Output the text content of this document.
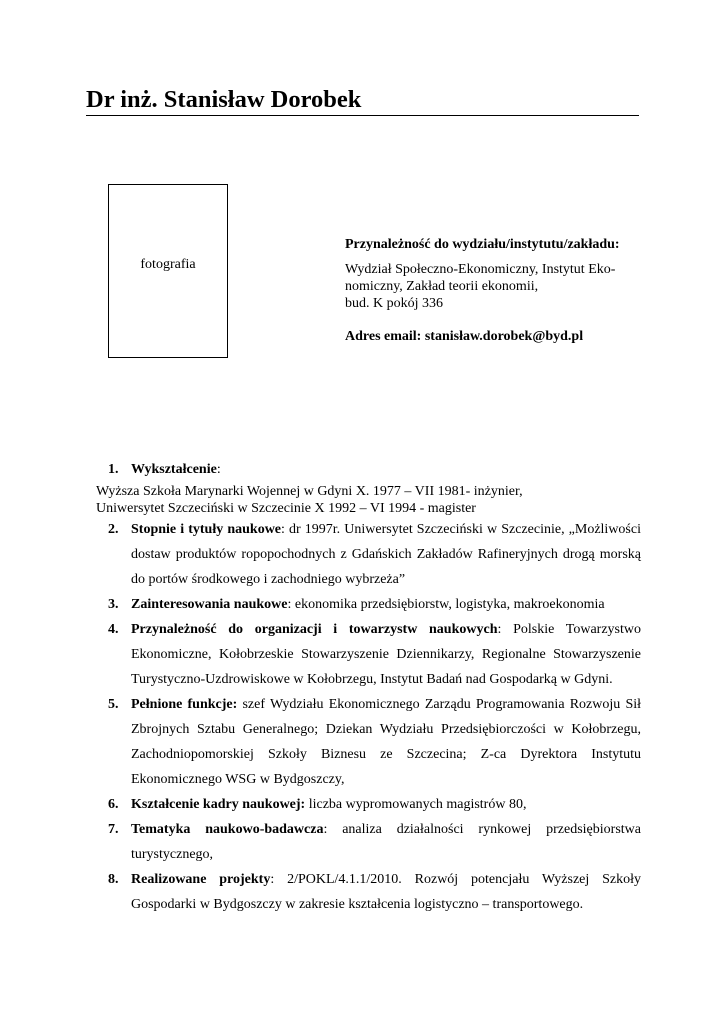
Dr inż. Stanisław Dorobek
fotografia
Przynależność do wydziału/instytutu/zakładu:
Wydział Społeczno-Ekonomiczny, Instytut Eko-
nomiczny, Zakład teorii ekonomii,
bud. K pokój 336
Adres email: stanisław.dorobek@byd.pl
1. Wykształcenie:
Wyższa Szkoła Marynarki Wojennej w Gdyni X. 1977 – VII 1981- inżynier,
Uniwersytet Szczeciński w Szczecinie X 1992 – VI 1994 - magister
2. Stopnie i tytuły naukowe: dr 1997r. Uniwersytet Szczeciński w Szczecinie, „Możliwości dostaw produktów ropopochodnych z Gdańskich Zakładów Rafineryjnych drogą morską do portów środkowego i zachodniego wybrzeża”
3. Zainteresowania naukowe: ekonomika przedsiębiorstw, logistyka, makroekonomia
4. Przynależność do organizacji i towarzystw naukowych: Polskie Towarzystwo Ekonomiczne, Kołobrzeskie Stowarzyszenie Dziennikarzy, Regionalne Stowarzyszenie Turystyczno-Uzdrowiskowe w Kołobrzegu, Instytut Badań nad Gospodarką w Gdyni.
5. Pełnione funkcje: szef Wydziału Ekonomicznego Zarządu Programowania Rozwoju Sił Zbrojnych Sztabu Generalnego; Dziekan Wydziału Przedsiębiorczości w Kołobrzegu, Zachodniopomorskiej Szkoły Biznesu ze Szczecina; Z-ca Dyrektora Instytutu Ekonomicznego WSG w Bydgoszczy,
6. Kształcenie kadry naukowej: liczba wypromowanych magistrów 80,
7. Tematyka naukowo-badawcza: analiza działalności rynkowej przedsiębiorstwa turystycznego,
8. Realizowane projekty: 2/POKL/4.1.1/2010. Rozwój potencjału Wyższej Szkoły Gospodarki w Bydgoszczy w zakresie kształcenia logistyczno – transportowego.
